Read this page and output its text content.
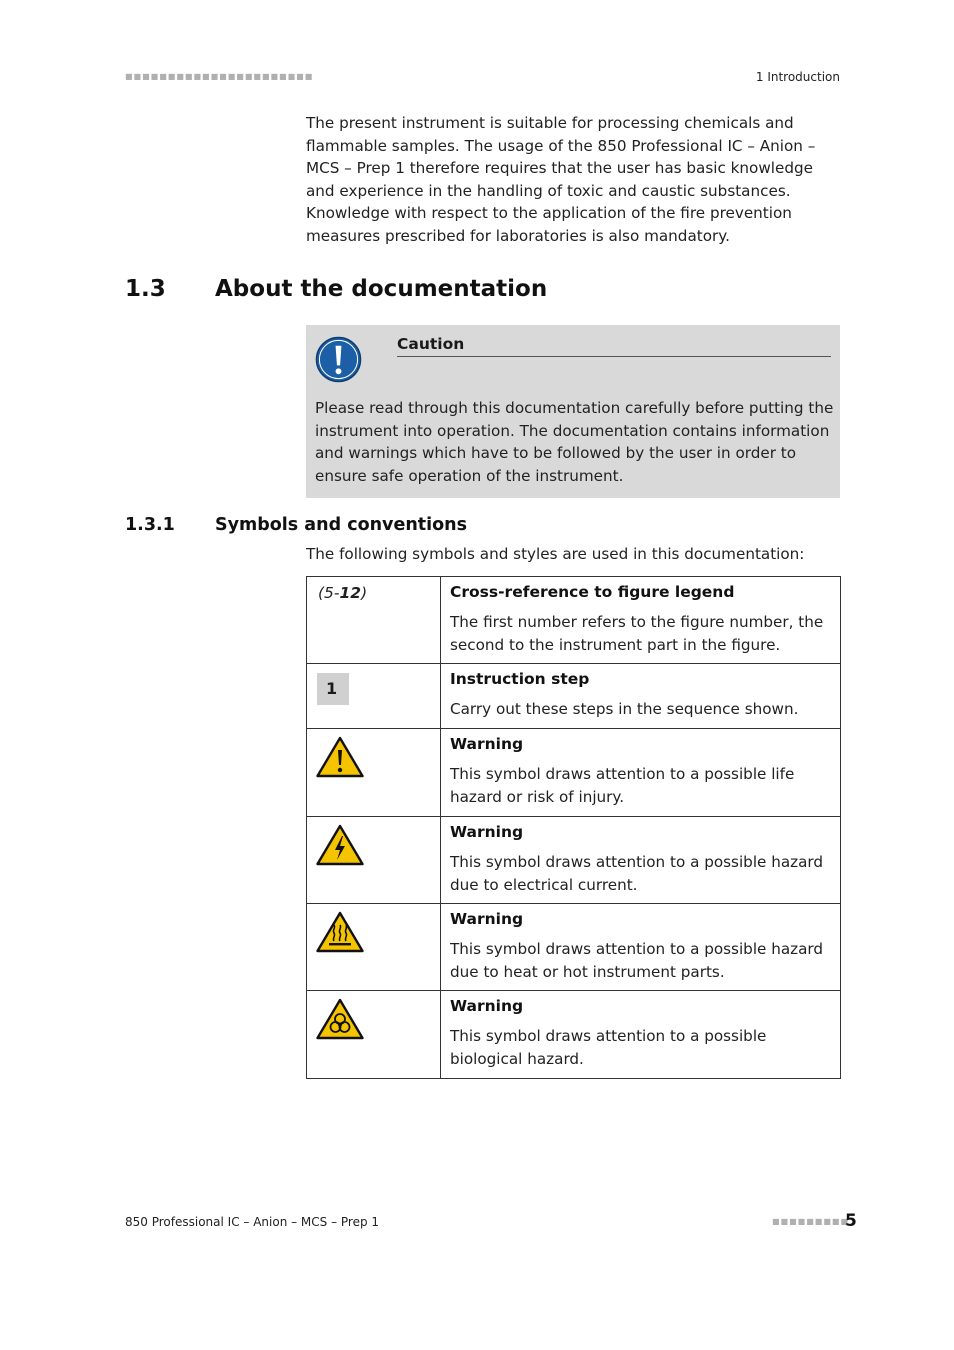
■■■■■■■■■■■■■■■■■■■■■■	1 Introduction
The present instrument is suitable for processing chemicals and flammable samples. The usage of the 850 Professional IC – Anion – MCS – Prep 1 therefore requires that the user has basic knowledge and experience in the handling of toxic and caustic substances. Knowledge with respect to the application of the fire prevention measures prescribed for laboratories is also mandatory.
1.3 About the documentation
Caution
Please read through this documentation carefully before putting the instrument into operation. The documentation contains information and warnings which have to be followed by the user in order to ensure safe operation of the instrument.
1.3.1 Symbols and conventions
The following symbols and styles are used in this documentation:
(5-12)	Cross-reference to figure legend
The first number refers to the figure number, the second to the instrument part in the figure.

1	Instruction step
Carry out these steps in the sequence shown.

Warning
This symbol draws attention to a possible life hazard or risk of injury.

Warning
This symbol draws attention to a possible hazard due to electrical current.

Warning
This symbol draws attention to a possible hazard due to heat or hot instrument parts.

Warning
This symbol draws attention to a possible biological hazard.
850 Professional IC – Anion – MCS – Prep 1	■■■■■■■■■
5
